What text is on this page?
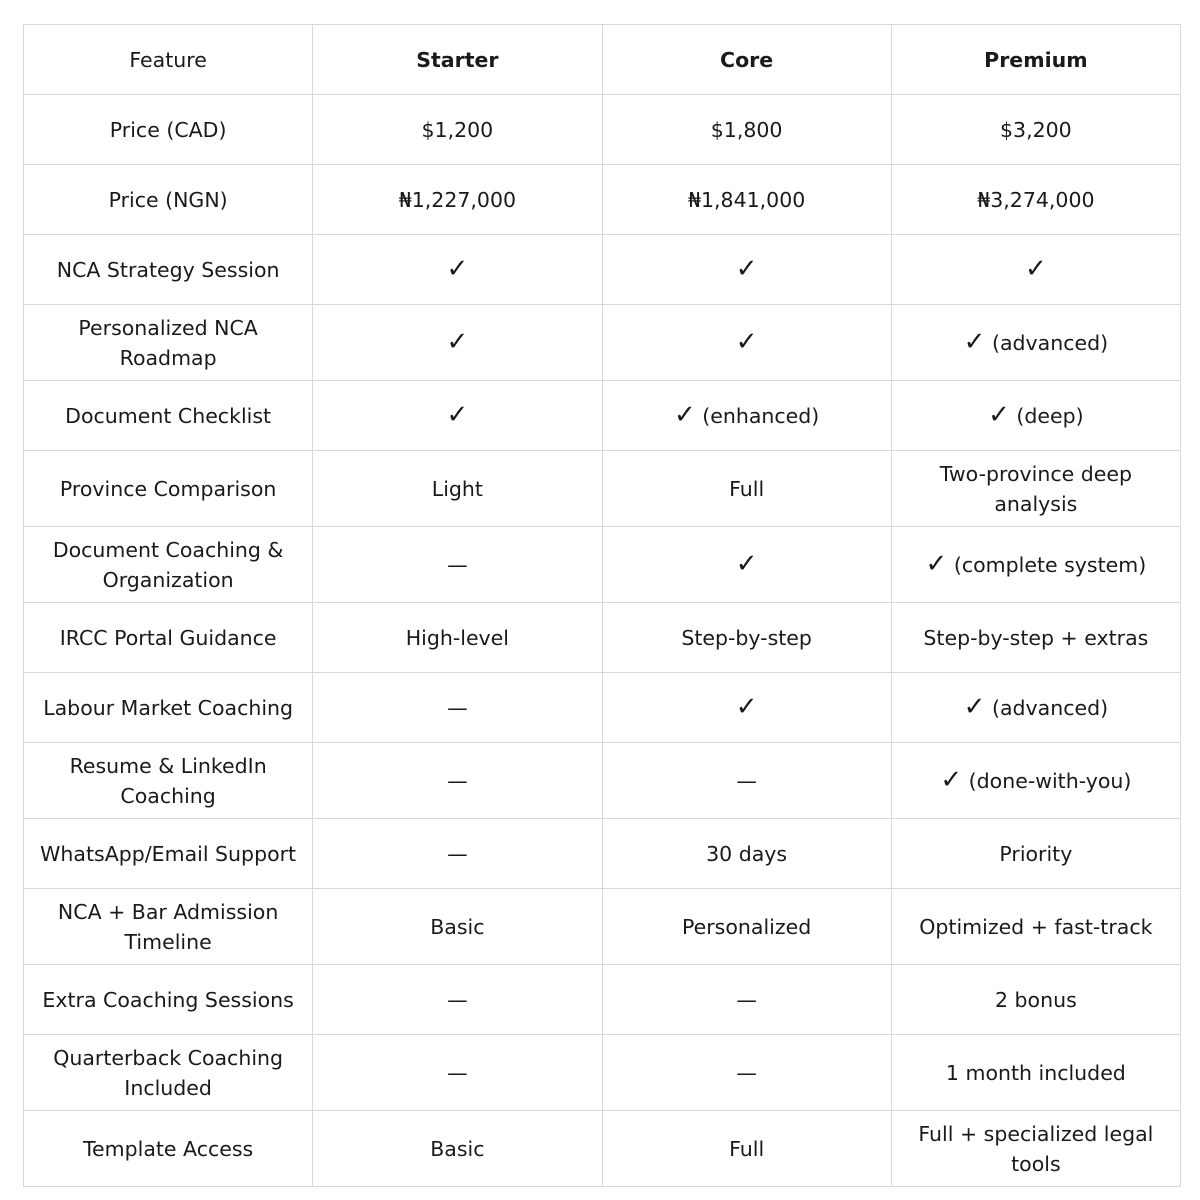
Feature	Starter	Core	Premium
Price (CAD)	$1,200	$1,800	$3,200
Price (NGN)	₦1,227,000	₦1,841,000	₦3,274,000
NCA Strategy Session	✓	✓	✓
Personalized NCA Roadmap	✓	✓	✓ (advanced)
Document Checklist	✓	✓ (enhanced)	✓ (deep)
Province Comparison	Light	Full	Two-province deep analysis
Document Coaching & Organization	—	✓	✓ (complete system)
IRCC Portal Guidance	High-level	Step-by-step	Step-by-step + extras
Labour Market Coaching	—	✓	✓ (advanced)
Resume & LinkedIn Coaching	—	—	✓ (done-with-you)
WhatsApp/Email Support	—	30 days	Priority
NCA + Bar Admission Timeline	Basic	Personalized	Optimized + fast-track
Extra Coaching Sessions	—	—	2 bonus
Quarterback Coaching Included	—	—	1 month included
Template Access	Basic	Full	Full + specialized legal tools
